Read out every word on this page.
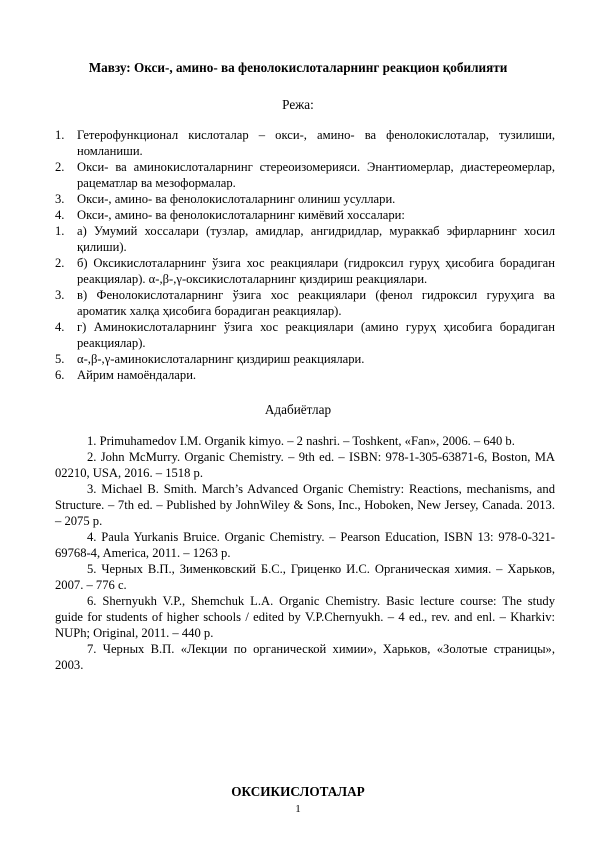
Мавзу: Окси-, амино- ва фенолокислоталарнинг реакцион қобилияти
Режа:
1. Гетерофункционал кислоталар – окси-, амино- ва фенолокислоталар, тузилиши, номланиши.
2. Окси- ва аминокислоталарнинг стереоизомерияси. Энантиомерлар, диастереомерлар, рацематлар ва мезоформалар.
3. Окси-, амино- ва фенолокислоталарнинг олиниш усуллари.
4. Окси-, амино- ва фенолокислоталарнинг кимёвий хоссалари:
1. а) Умумий хоссалари (тузлар, амидлар, ангидридлар, мураккаб эфирларнинг хосил қилиши).
2. б) Оксикислоталарнинг ўзига хос реакциялари (гидроксил гуруҳ ҳисобига борадиган реакциялар). α-,β-,γ-оксикислоталарнинг қиздириш реакциялари.
3. в) Фенолокислоталарнинг ўзига хос реакциялари (фенол гидроксил гуруҳига ва ароматик халқа ҳисобига борадиган реакциялар).
4. г) Аминокислоталарнинг ўзига хос реакциялари (амино гуруҳ ҳисобига борадиган реакциялар).
5. α-,β-,γ-аминокислоталарнинг қиздириш реакциялари.
6. Айрим намоёндалари.
Адабиётлар

1. Primuhamedov I.M. Organik kimyo. – 2 nashri. – Toshkent, «Fan», 2006. – 640 b.

2. John McMurry. Organic Chemistry. – 9th ed. – ISBN: 978-1-305-63871-6, Boston, MA 02210, USA, 2016. – 1518 p.

3. Michael B. Smith. March’s Advanced Organic Chemistry: Reactions, mechanisms, and Structure. – 7th ed. – Published by JohnWiley & Sons, Inc., Hoboken, New Jersey, Canada. 2013. – 2075 p.

4. Paula Yurkanis Bruice. Organic Chemistry. – Pearson Education, ISBN 13: 978-0-321-69768-4, America, 2011. – 1263 p.

5. Черных В.П., Зименковский Б.С., Гриценко И.С. Органическая химия. – Харьков, 2007. – 776 с.

6. Shernyukh V.P., Shemchuk L.A. Organic Chemistry. Basic lecture course: The study guide for students of higher schools / edited by V.P.Chernyukh. – 4 ed., rev. and enl. – Kharkiv: NUPh; Original, 2011. – 440 p.

7. Черных В.П. «Лекции по органической химии», Харьков, «Золотые страницы», 2003.

ОКСИКИСЛОТАЛАР
1
